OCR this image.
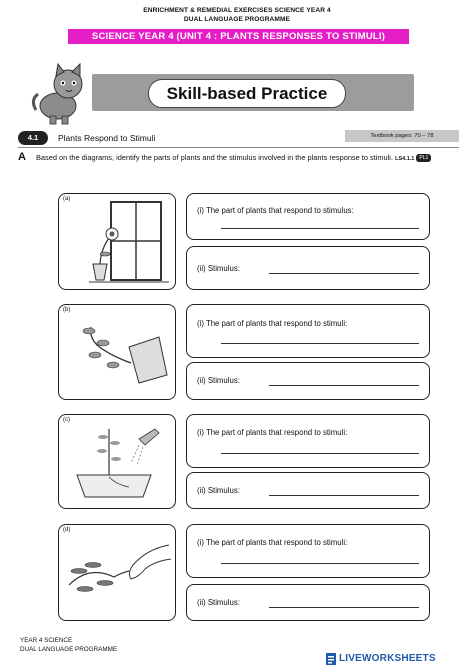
ENRICHMENT & REMEDIAL EXERCISES SCIENCE YEAR 4
DUAL LANGUAGE PROGRAMME
SCIENCE YEAR 4 (UNIT 4 : PLANTS RESPONSES TO STIMULI)
Skill-based Practice
4.1	Plants Respond to Stimuli	Textbook pages: 70 – 78
A Based on the diagrams, identify the parts of plants and the stimulus involved in the plants response to stimuli. LS4.1.1 PL1
(a)
(i) The part of plants that respond to stimulus:
(ii) Stimulus:
(b)
(i) The part of plants that respond to stimuli:
(ii) Stimulus:
(c)
(i) The part of plants that respond to stimuli:
(ii) Stimulus:
(d)
(i) The part of plants that respond to stimuli:
(ii) Stimulus:
YEAR 4 SCIENCE
DUAL LANGUAGE PROGRAMME
LIVEWORKSHEETS
